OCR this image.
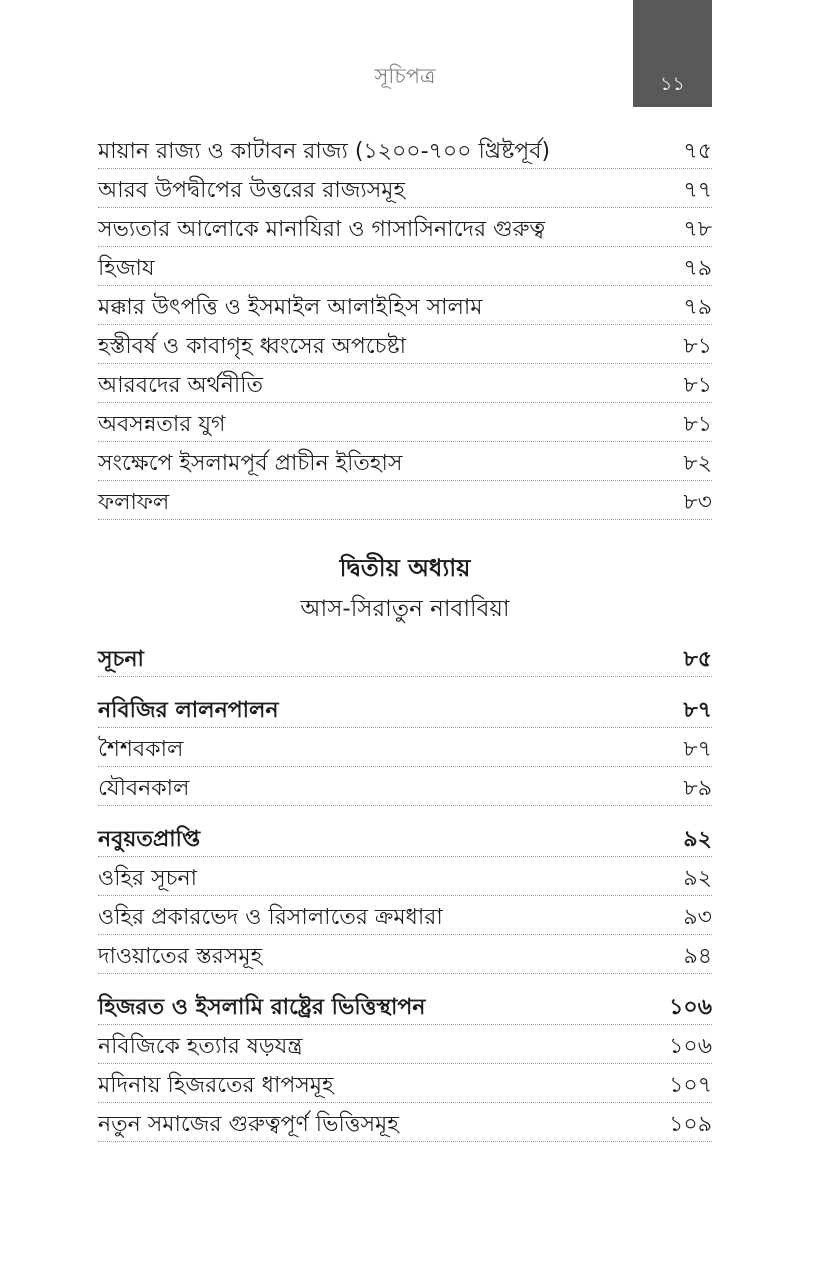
১১
সূচিপত্র
মায়ান রাজ্য ও কাটাবন রাজ্য (১২০০-৭০০ খ্রিষ্টপূর্ব)	৭৫
আরব উপদ্বীপের উত্তরের রাজ্যসমূহ	৭৭
সভ্যতার আলোকে মানাযিরা ও গাসাসিনাদের গুরুত্ব	৭৮
হিজায	৭৯
মক্কার উৎপত্তি ও ইসমাইল আলাইহিস সালাম	৭৯
হস্তীবর্ষ ও কাবাগৃহ ধ্বংসের অপচেষ্টা	৮১
আরবদের অর্থনীতি	৮১
অবসন্নতার যুগ	৮১
সংক্ষেপে ইসলামপূর্ব প্রাচীন ইতিহাস	৮২
ফলাফল	৮৩
দ্বিতীয় অধ্যায়
আস-সিরাতুন নাবাবিয়া
সূচনা	৮৫
নবিজির লালনপালন	৮৭
শৈশবকাল	৮৭
যৌবনকাল	৮৯
নবুয়তপ্রাপ্তি	৯২
ওহির সূচনা	৯২
ওহির প্রকারভেদ ও রিসালাতের ক্রমধারা	৯৩
দাওয়াতের স্তরসমূহ	৯৪
হিজরত ও ইসলামি রাষ্ট্রের ভিত্তিস্থাপন	১০৬
নবিজিকে হত্যার ষড়যন্ত্র	১০৬
মদিনায় হিজরতের ধাপসমূহ	১০৭
নতুন সমাজের গুরুত্বপূর্ণ ভিত্তিসমূহ	১০৯
